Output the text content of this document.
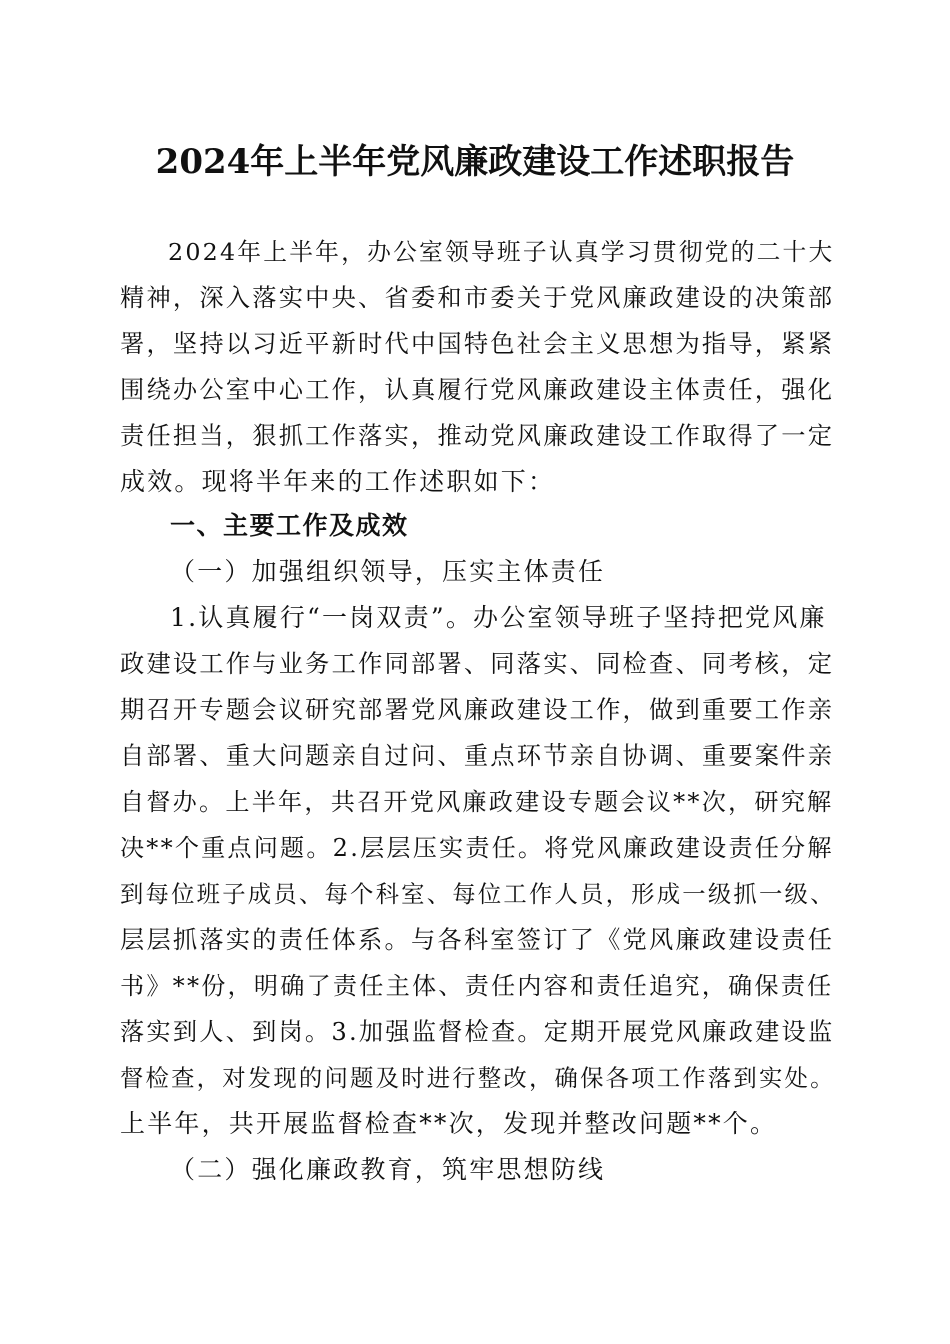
2024年上半年党风廉政建设工作述职报告
2024年上半年，办公室领导班子认真学习贯彻党的二十大
精神，深入落实中央、省委和市委关于党风廉政建设的决策部
署，坚持以习近平新时代中国特色社会主义思想为指导，紧紧
围绕办公室中心工作，认真履行党风廉政建设主体责任，强化
责任担当，狠抓工作落实，推动党风廉政建设工作取得了一定
成效。现将半年来的工作述职如下：
一、主要工作及成效
（一）加强组织领导，压实主体责任
1.认真履行“一岗双责”。办公室领导班子坚持把党风廉
政建设工作与业务工作同部署、同落实、同检查、同考核，定
期召开专题会议研究部署党风廉政建设工作，做到重要工作亲
自部署、重大问题亲自过问、重点环节亲自协调、重要案件亲
自督办。上半年，共召开党风廉政建设专题会议**次，研究解
决**个重点问题。2.层层压实责任。将党风廉政建设责任分解
到每位班子成员、每个科室、每位工作人员，形成一级抓一级、
层层抓落实的责任体系。与各科室签订了《党风廉政建设责任
书》**份，明确了责任主体、责任内容和责任追究，确保责任
落实到人、到岗。3.加强监督检查。定期开展党风廉政建设监
督检查，对发现的问题及时进行整改，确保各项工作落到实处。
上半年，共开展监督检查**次，发现并整改问题**个。
（二）强化廉政教育，筑牢思想防线
